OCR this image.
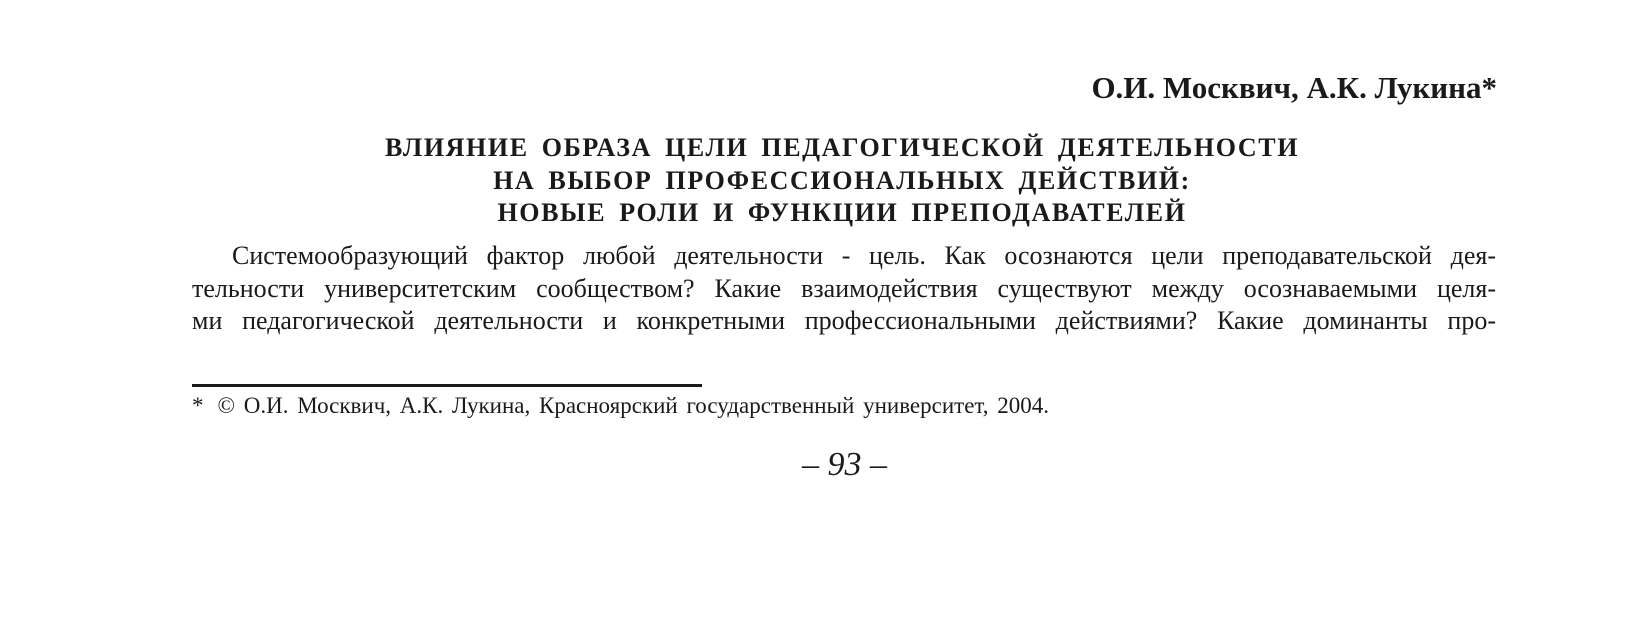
О.И. Москвич, А.К. Лукина*
ВЛИЯНИЕ ОБРАЗА ЦЕЛИ ПЕДАГОГИЧЕСКОЙ ДЕЯТЕЛЬНОСТИ
НА ВЫБОР ПРОФЕССИОНАЛЬНЫХ ДЕЙСТВИЙ:
НОВЫЕ РОЛИ И ФУНКЦИИ ПРЕПОДАВАТЕЛЕЙ
Системообразующий фактор любой деятельности - цель. Как осознаются цели преподавательской дея-
тельности университетским сообществом? Какие взаимодействия существуют между осознаваемыми целя-
ми педагогической деятельности и конкретными профессиональными действиями? Какие доминанты про-
* © О.И. Москвич, А.К. Лукина, Красноярский государственный университет, 2004.
– 93 –
